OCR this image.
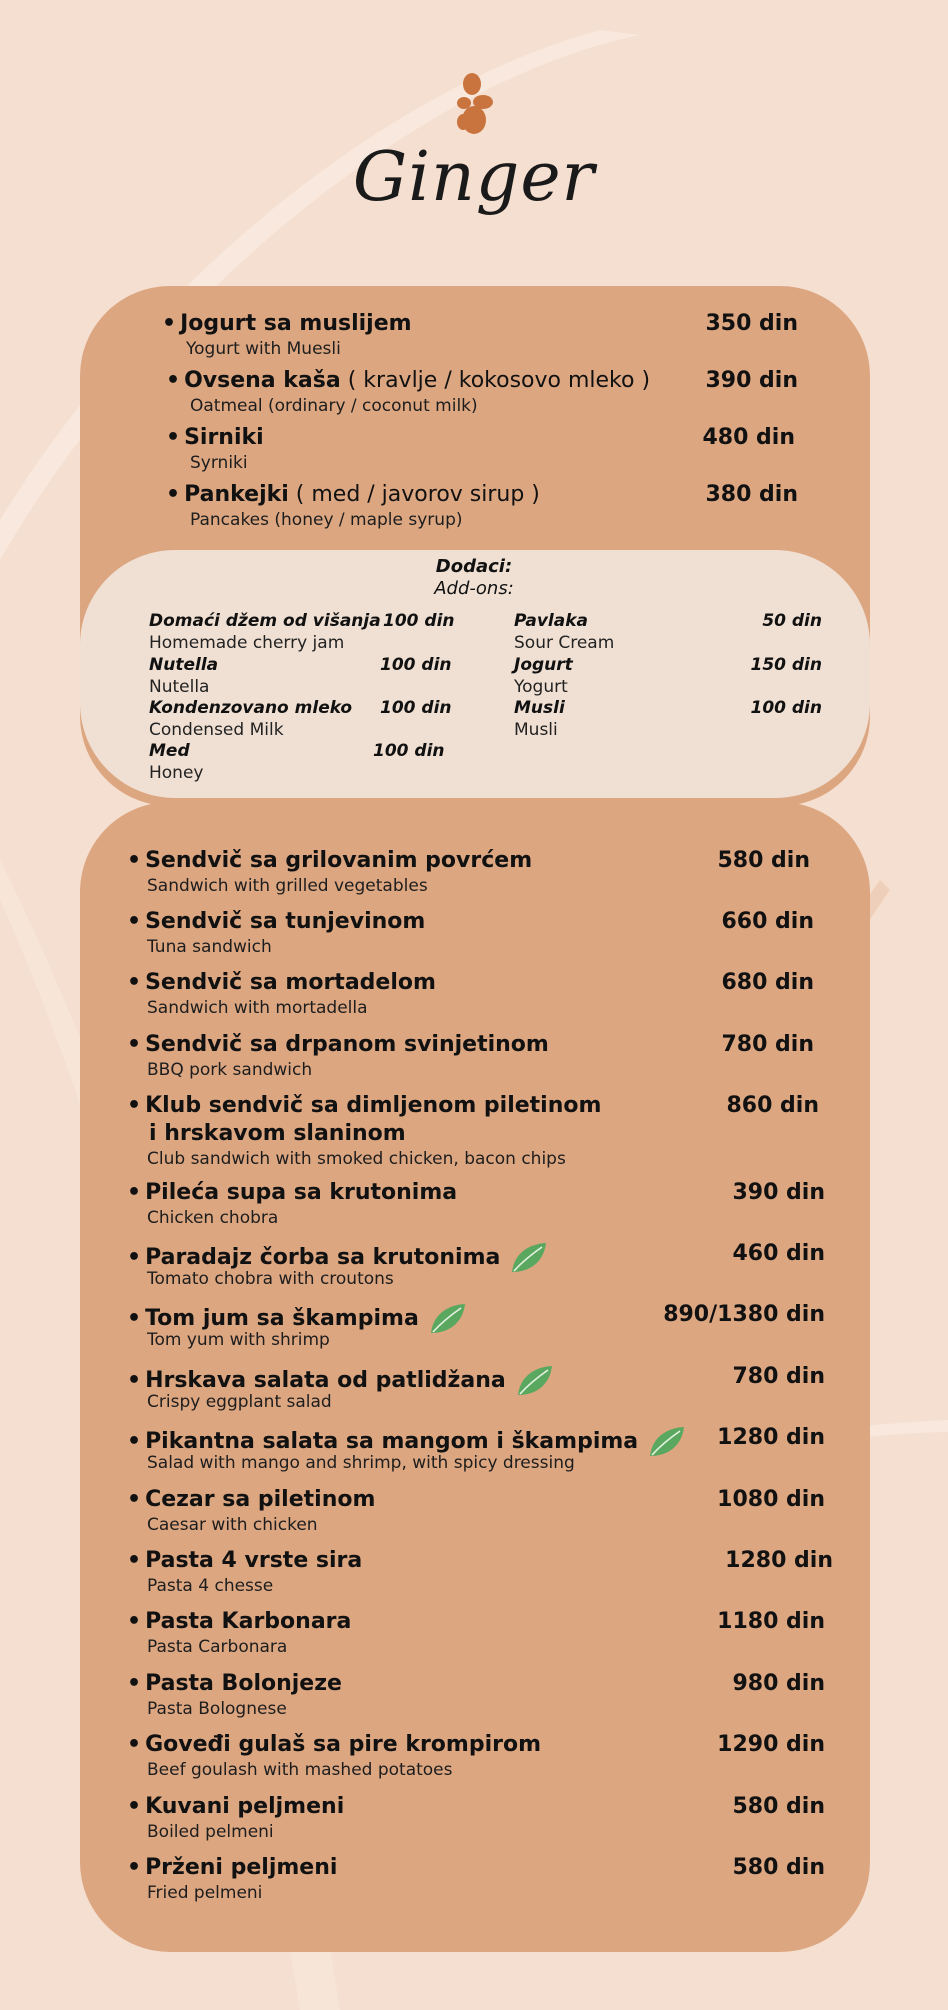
Ginger
Dodaci:
Add-ons:
• Jogurt sa muslijem
Yogurt with Muesli
350 din
• Ovsena kaša ( kravlje / kokosovo mleko )
Oatmeal (ordinary / coconut milk)
390 din
• Sirniki
Syrniki
480 din
• Pankejki ( med / javorov sirup )
Pancakes (honey / maple syrup)
380 din
Domaći džem od višanja
Homemade cherry jam
100 din
Nutella
Nutella
100 din
Kondenzovano mleko
Condensed Milk
100 din
Med
Honey
100 din
Pavlaka
Sour Cream
50 din
Jogurt
Yogurt
150 din
Musli
Musli
100 din
• Sendvič sa grilovanim povrćem
Sandwich with grilled vegetables
580 din
• Sendvič sa tunjevinom
Tuna sandwich
660 din
• Sendvič sa mortadelom
Sandwich with mortadella
680 din
• Sendvič sa drpanom svinjetinom
BBQ pork sandwich
780 din
• Klub sendvič sa dimljenom piletinom
i hrskavom slaninom
Club sandwich with smoked chicken, bacon chips
860 din
• Pileća supa sa krutonima
Chicken chobra
390 din
• Paradajz čorba sa krutonima
Tomato chobra with croutons
460 din
• Tom jum sa škampima
Tom yum with shrimp
890/1380 din
• Hrskava salata od patlidžana
Crispy eggplant salad
780 din
• Pikantna salata sa mangom i škampima
Salad with mango and shrimp, with spicy dressing
1280 din
• Cezar sa piletinom
Caesar with chicken
1080 din
• Pasta 4 vrste sira
Pasta 4 chesse
1280 din
• Pasta Karbonara
Pasta Carbonara
1180 din
• Pasta Bolonjeze
Pasta Bolognese
980 din
• Goveđi gulaš sa pire krompirom
Beef goulash with mashed potatoes
1290 din
• Kuvani peljmeni
Boiled pelmeni
580 din
• Prženi peljmeni
Fried pelmeni
580 din
